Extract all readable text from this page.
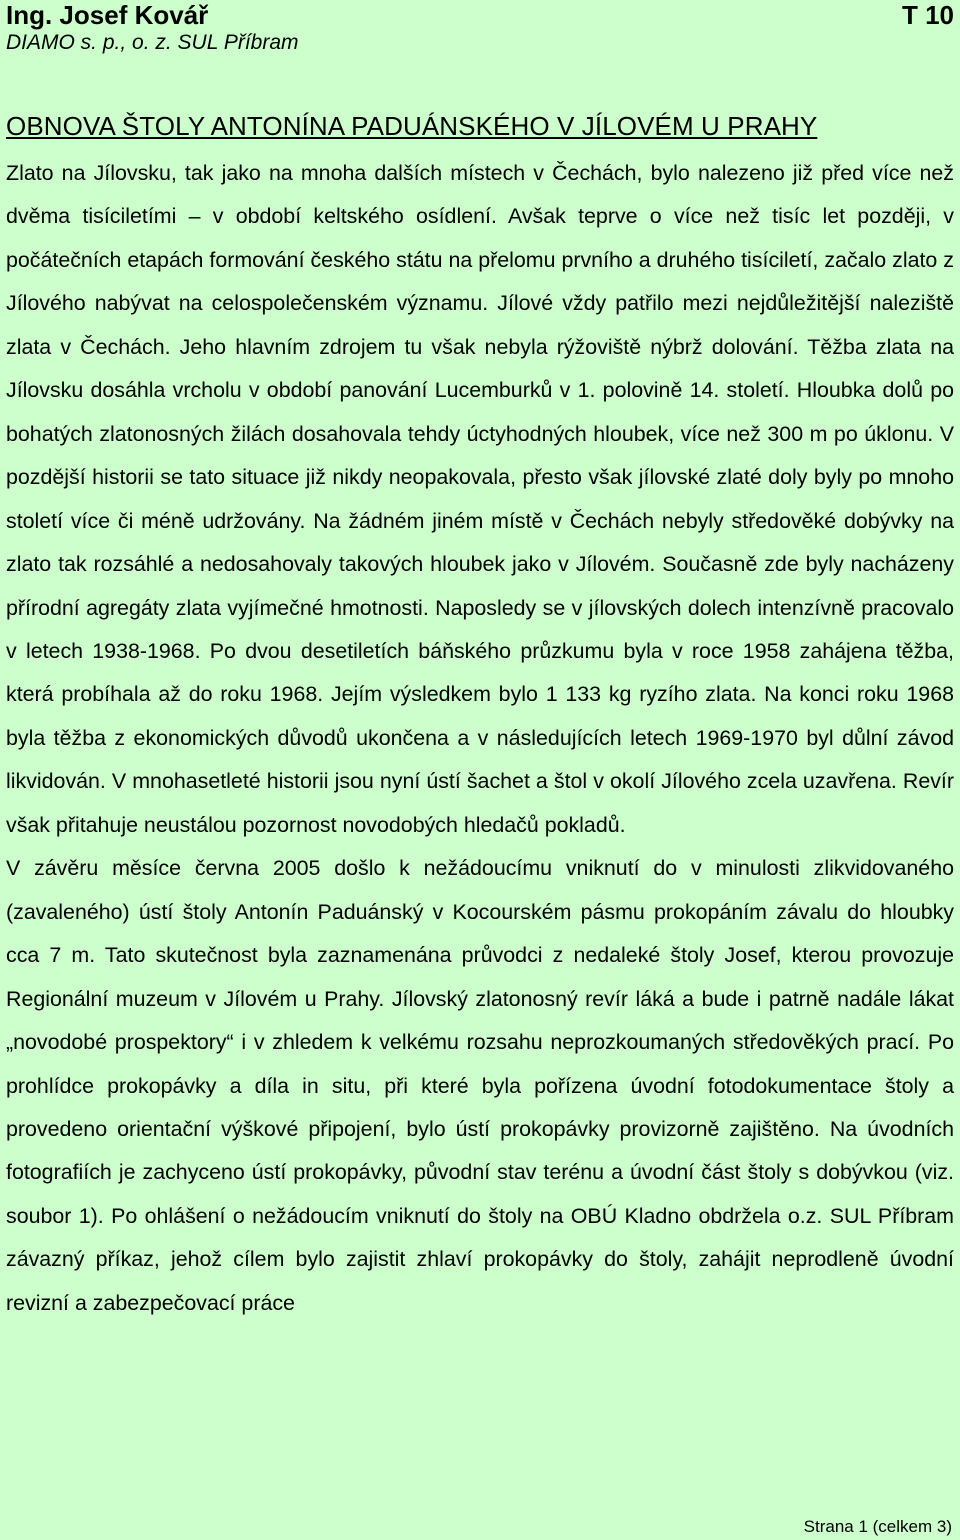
Ing. Josef Kovář
DIAMO s. p., o. z. SUL Příbram
T 10
OBNOVA ŠTOLY ANTONÍNA PADUÁNSKÉHO V JÍLOVÉM U PRAHY

Zlato na Jílovsku, tak jako na mnoha dalších místech v Čechách, bylo nalezeno již před více než dvěma tisíciletími – v období keltského osídlení. Avšak teprve o více než tisíc let později, v počátečních etapách formování českého státu na přelomu prvního a druhého tisíciletí, začalo zlato z Jílového nabývat na celospolečenském významu. Jílové vždy patřilo mezi nejdůležitější naleziště zlata v Čechách. Jeho hlavním zdrojem tu však nebyla rýžoviště nýbrž dolování. Těžba zlata na Jílovsku dosáhla vrcholu v období panování Lucemburků v 1. polovině 14. století. Hloubka dolů po bohatých zlatonosných žilách dosahovala tehdy úctyhodných hloubek, více než 300 m po úklonu. V pozdější historii se tato situace již nikdy neopakovala, přesto však jílovské zlaté doly byly po mnoho století více či méně udržovány. Na žádném jiném místě v Čechách nebyly středověké dobývky na zlato tak rozsáhlé a nedosahovaly takových hloubek jako v Jílovém. Současně zde byly nacházeny přírodní agregáty zlata vyjímečné hmotnosti. Naposledy se v jílovských dolech intenzívně pracovalo v letech 1938-1968. Po dvou desetiletích báňského průzkumu byla v roce 1958 zahájena těžba, která probíhala až do roku 1968. Jejím výsledkem bylo 1 133 kg ryzího zlata. Na konci roku 1968 byla těžba z ekonomických důvodů ukončena a v následujících letech 1969-1970 byl důlní závod likvidován. V mnohasetleté historii jsou nyní ústí šachet a štol v okolí Jílového zcela uzavřena. Revír však přitahuje neustálou pozornost novodobých hledačů pokladů.

V závěru měsíce června 2005 došlo k nežádoucímu vniknutí do v minulosti zlikvidovaného (zavaleného) ústí štoly Antonín Paduánský v Kocourském pásmu prokopáním závalu do hloubky cca 7 m. Tato skutečnost byla zaznamenána průvodci z nedaleké štoly Josef, kterou provozuje Regionální muzeum v Jílovém u Prahy. Jílovský zlatonosný revír láká a bude i patrně nadále lákat „novodobé prospektory“ i v zhledem k velkému rozsahu neprozkoumaných středověkých prací. Po prohlídce prokopávky a díla in situ, při které byla pořízena úvodní fotodokumentace štoly a provedeno orientační výškové připojení, bylo ústí prokopávky provizorně zajištěno. Na úvodních fotografiích je zachyceno ústí prokopávky, původní stav terénu a úvodní část štoly s dobývkou (viz. soubor 1). Po ohlášení o nežádoucím vniknutí do štoly na OBÚ Kladno obdržela o.z. SUL Příbram závazný příkaz, jehož cílem bylo zajistit zhlaví prokopávky do štoly, zahájit neprodleně úvodní revizní a zabezpečovací práce

Strana 1 (celkem 3)
